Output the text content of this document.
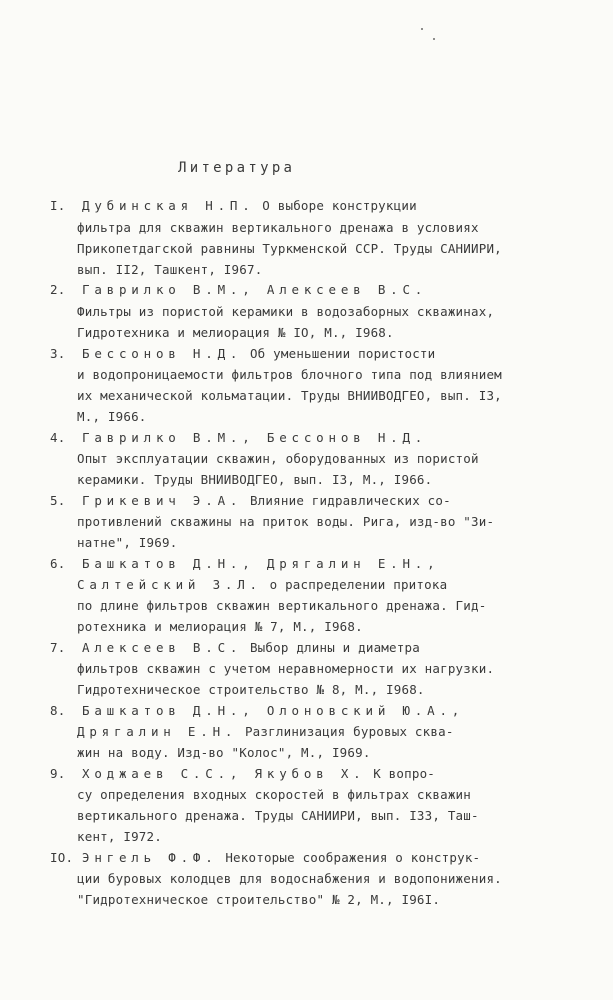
Литература
I. Дубинская Н.П. О выборе конструкции
фильтра для скважин вертикального дренажа в условиях
Прикопетдагской равнины Туркменской ССР. Труды САНИИРИ,
вып. II2, Ташкент, I967.
2. Гаврилко В.М., Алексеев В.С.
Фильтры из пористой керамики в водозаборных скважинах,
Гидротехника и мелиорация № IO, М., I968.
3. Бессонов Н.Д. Об уменьшении пористости
и водопроницаемости фильтров блочного типа под влиянием
их механической кольматации. Труды ВНИИВОДГЕО, вып. I3,
М., I966.
4. Гаврилко В.М., Бессонов Н.Д.
Опыт эксплуатации скважин, оборудованных из пористой
керамики. Труды ВНИИВОДГЕО, вып. I3, М., I966.
5. Грикевич Э.А. Влияние гидравлических со-
противлений скважины на приток воды. Рига, изд-во "Зи-
натне", I969.
6. Башкатов Д.Н., Дрягалин Е.Н.,
Салтейский З.Л. о распределении притока
по длине фильтров скважин вертикального дренажа. Гид-
ротехника и мелиорация № 7, М., I968.
7. Алексеев В.С. Выбор длины и диаметра
фильтров скважин с учетом неравномерности их нагрузки.
Гидротехническое строительство № 8, М., I968.
8. Башкатов Д.Н., Олоновский Ю.А.,
Дрягалин Е.Н. Разглинизация буровых сква-
жин на воду. Изд-во "Колос", М., I969.
9. Ходжаев С.С., Якубов Х. К вопро-
су определения входных скоростей в фильтрах скважин
вертикального дренажа. Труды САНИИРИ, вып. I33, Таш-
кент, I972.
IO. Энгель Ф.Ф. Некоторые соображения о конструк-
ции буровых колодцев для водоснабжения и водопонижения.
"Гидротехническое строительство" № 2, М., I96I.
